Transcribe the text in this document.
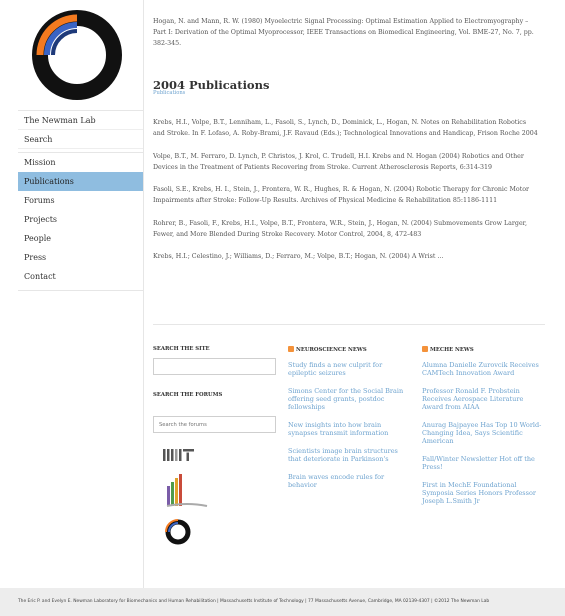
The Newman Lab
Search
Mission
Publications
Forums
Projects
People
Press
Contact

Hogan, N. and Mann, R. W. (1980) Myoelectric Signal Processing: Optimal Estimation Applied to Electromyography – Part I: Derivation of the Optimal Myoprocessor, IEEE Transactions on Biomedical Engineering, Vol. BME-27, No. 7, pp. 382-345.

2004 Publications
Publications

Krebs, H.I., Volpe, B.T., Lenniham, L., Fasoli, S., Lynch, D., Dominick, L., Hogan, N. Notes on Rehabilitation Robotics and Stroke. In F. Lofaso, A. Roby-Brami, J.F. Ravaud (Eds.); Technological Innovations and Handicap, Frison Roche 2004

Volpe, B.T., M. Ferraro, D. Lynch, P. Christos, J. Krol, C. Trudell, H.I. Krebs and N. Hogan (2004) Robotics and Other Devices in the Treatment of Patients Recovering from Stroke. Current Atherosclerosis Reports, 6:314-319

Fasoli, S.E., Krebs, H. I., Stein, J., Frontera, W. R., Hughes, R. & Hogan, N. (2004) Robotic Therapy for Chronic Motor Impairments after Stroke: Follow-Up Results. Archives of Physical Medicine & Rehabilitation 85:1186-1111

Rohrer, B., Fasoli, F., Krebs, H.I., Volpe, B.T., Frontera, W.R., Stein, J., Hogan, N. (2004) Submovements Grow Larger, Fewer, and More Blended During Stroke Recovery. Motor Control, 2004, 8, 472-483

Krebs, H.I.; Celestino, J.; Williams, D.; Ferraro, M.; Volpe, B.T.; Hogan, N. (2004) A Wrist ...

SEARCH THE SITE
SEARCH THE FORUMS
Search the forums
NEUROSCIENCE NEWS
Study finds a new culprit for epileptic seizures
Simons Center for the Social Brain offering seed grants, postdoc fellowships
New insights into how brain synapses transmit information
Scientists image brain structures that deteriorate in Parkinson's
Brain waves encode rules for behavior
MECHE NEWS
Alumna Danielle Zurovcik Receives CAMTech Innovation Award
Professor Ronald F. Probstein Receives Aerospace Literature Award from AIAA
Anurag Bajpayee Has Top 10 World-Changing Idea, Says Scientific American
Fall/Winter Newsletter Hot off the Press!
First in MechE Foundational Symposia Series Honors Professor Joseph L.Smith Jr
The Eric P. and Evelyn E. Newman Laboratory for Biomechanics and Human Rehabilitation | Massachusetts Institute of Technology | 77 Massachusetts Avenue, Cambridge, MA 02139-4307 | ©2012 The Newman Lab
